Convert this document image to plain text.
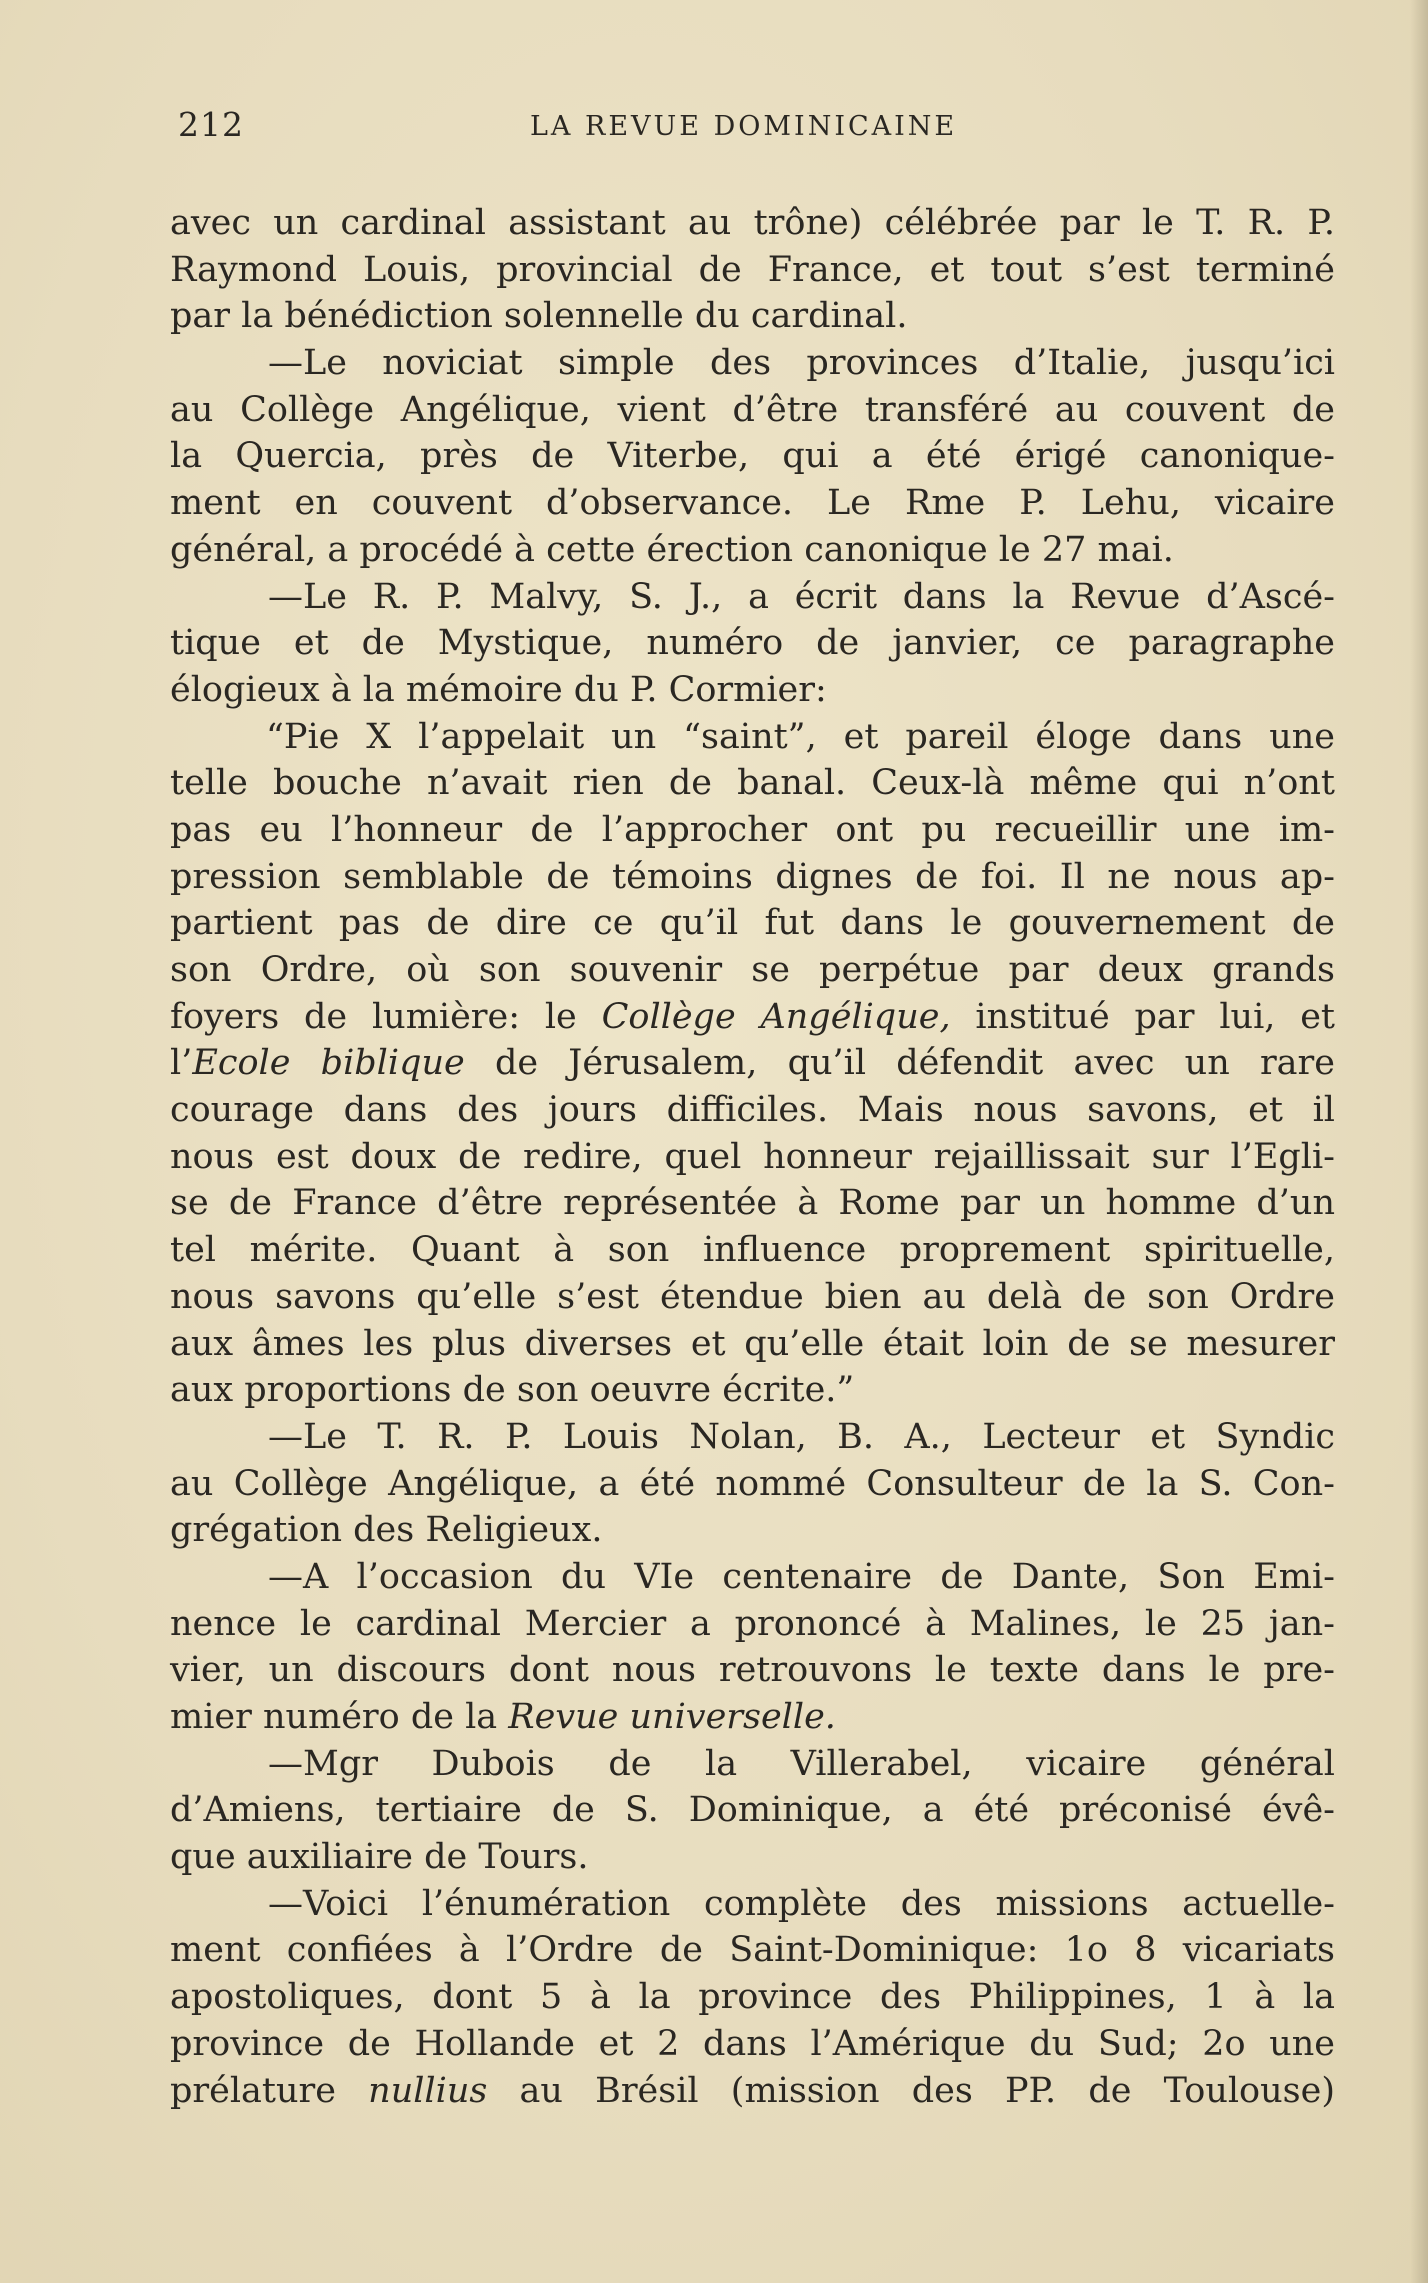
212	LA REVUE DOMINICAINE
avec un cardinal assistant au trône) célébrée par le T. R. P.
Raymond Louis, provincial de France, et tout s’est terminé
par la bénédiction solennelle du cardinal.
—Le noviciat simple des provinces d’Italie, jusqu’ici
au Collège Angélique, vient d’être transféré au couvent de
la Quercia, près de Viterbe, qui a été érigé canonique-
ment en couvent d’observance. Le Rme P. Lehu, vicaire
général, a procédé à cette érection canonique le 27 mai.
—Le R. P. Malvy, S. J., a écrit dans la Revue d’Ascé-
tique et de Mystique, numéro de janvier, ce paragraphe
élogieux à la mémoire du P. Cormier:
“Pie X l’appelait un “saint”, et pareil éloge dans une
telle bouche n’avait rien de banal. Ceux-là même qui n’ont
pas eu l’honneur de l’approcher ont pu recueillir une im-
pression semblable de témoins dignes de foi. Il ne nous ap-
partient pas de dire ce qu’il fut dans le gouvernement de
son Ordre, où son souvenir se perpétue par deux grands
foyers de lumière: le Collège Angélique, institué par lui, et
l’Ecole biblique de Jérusalem, qu’il défendit avec un rare
courage dans des jours difficiles. Mais nous savons, et il
nous est doux de redire, quel honneur rejaillissait sur l’Egli-
se de France d’être représentée à Rome par un homme d’un
tel mérite. Quant à son influence proprement spirituelle,
nous savons qu’elle s’est étendue bien au delà de son Ordre
aux âmes les plus diverses et qu’elle était loin de se mesurer
aux proportions de son oeuvre écrite.”
—Le T. R. P. Louis Nolan, B. A., Lecteur et Syndic
au Collège Angélique, a été nommé Consulteur de la S. Con-
grégation des Religieux.
—A l’occasion du VIe centenaire de Dante, Son Emi-
nence le cardinal Mercier a prononcé à Malines, le 25 jan-
vier, un discours dont nous retrouvons le texte dans le pre-
mier numéro de la Revue universelle.
—Mgr Dubois de la Villerabel, vicaire général
d’Amiens, tertiaire de S. Dominique, a été préconisé évê-
que auxiliaire de Tours.
—Voici l’énumération complète des missions actuelle-
ment confiées à l’Ordre de Saint-Dominique: 1o 8 vicariats
apostoliques, dont 5 à la province des Philippines, 1 à la
province de Hollande et 2 dans l’Amérique du Sud; 2o une
prélature nullius au Brésil (mission des PP. de Toulouse)
